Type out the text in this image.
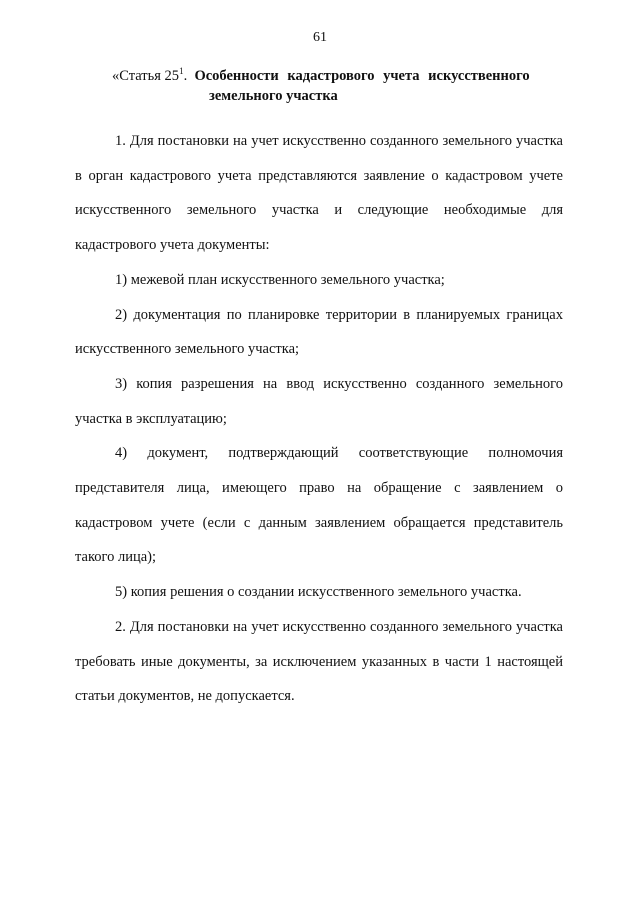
61
«Статья $25^1$. Особенности кадастрового учета искусственного
земельного участка

1. Для постановки на учет искусственно созданного земельного участка в орган кадастрового учета представляются заявление о кадастровом учете искусственного земельного участка и следующие необходимые для кадастрового учета документы:

1) межевой план искусственного земельного участка;

2) документация по планировке территории в планируемых границах искусственного земельного участка;

3) копия разрешения на ввод искусственно созданного земельного участка в эксплуатацию;

4) документ, подтверждающий соответствующие полномочия представителя лица, имеющего право на обращение с заявлением о кадастровом учете (если с данным заявлением обращается представитель такого лица);

5) копия решения о создании искусственного земельного участка.

2. Для постановки на учет искусственно созданного земельного участка требовать иные документы, за исключением указанных в части 1 настоящей статьи документов, не допускается.
